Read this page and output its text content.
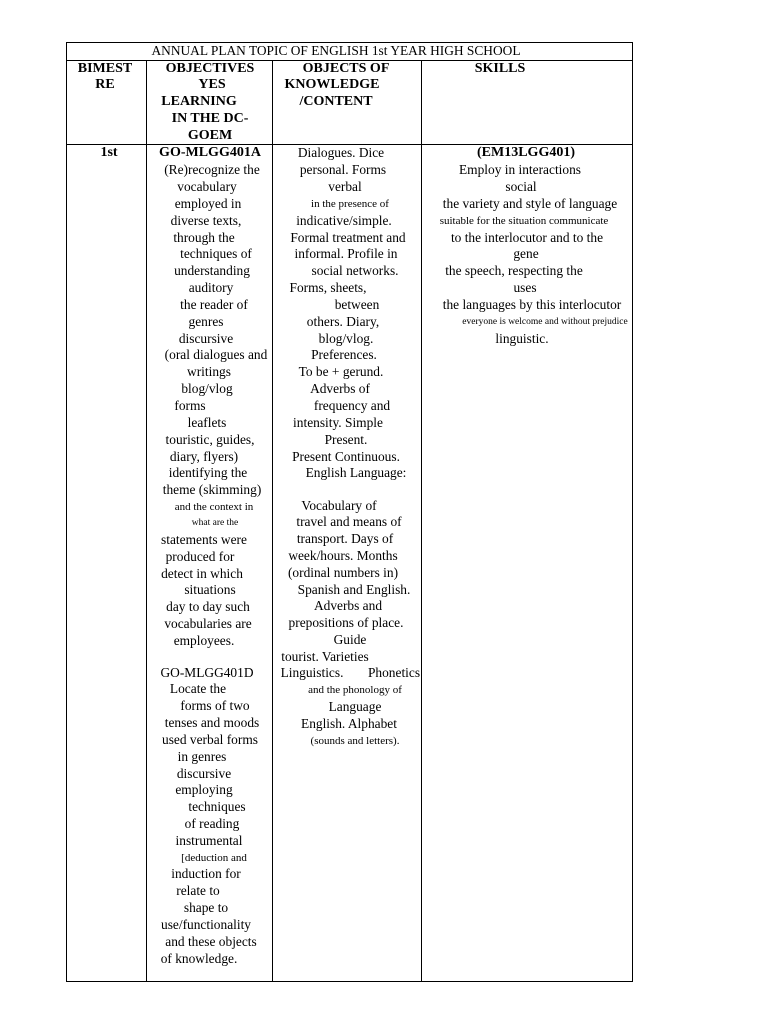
ANNUAL PLAN TOPIC OF ENGLISH 1st YEAR HIGH SCHOOL
BIMEST
RE
OBJECTIVES
YES
LEARNING
IN THE DC-
GOEM
OBJECTS OF
KNOWLEDGE
/CONTENT
SKILLS
1st	GO-MLGG401A
(Re)recognize the
vocabulary
employed in
diverse texts,
through the
techniques of
understanding
auditory
the reader of
genres
discursive
(oral dialogues and
writings
blog/vlog
forms
leaflets
touristic, guides,
diary, flyers)
identifying the
theme (skimming)
and the context in
what are the
statements were
produced for
detect in which
situations
day to day such
vocabularies are
employees.
GO-MLGG401D
Locate the
forms of two
tenses and moods
used verbal forms
in genres
discursive
employing
techniques
of reading
instrumental
[deduction and
induction for
relate to
shape to
use/functionality
and these objects
of knowledge.
Dialogues. Dice
personal. Forms
verbal
in the presence of
indicative/simple.
Formal treatment and
informal. Profile in
social networks.
Forms, sheets,
between
others. Diary,
blog/vlog.
Preferences.
To be + gerund.
Adverbs of
frequency and
intensity. Simple
Present.
Present Continuous.
English Language:
Vocabulary of
travel and means of
transport. Days of
week/hours. Months
(ordinal numbers in)
Spanish and English.
Adverbs and
prepositions of place.
Guide
tourist. Varieties
Linguistics. Phonetics
and the phonology of
Language
English. Alphabet
(sounds and letters).
(EM13LGG401)
Employ in interactions
social
the variety and style of language
suitable for the situation communicate
to the interlocutor and to the
gene
the speech, respecting the
uses
the languages by this interlocutor
everyone is welcome and without prejudice
linguistic.
